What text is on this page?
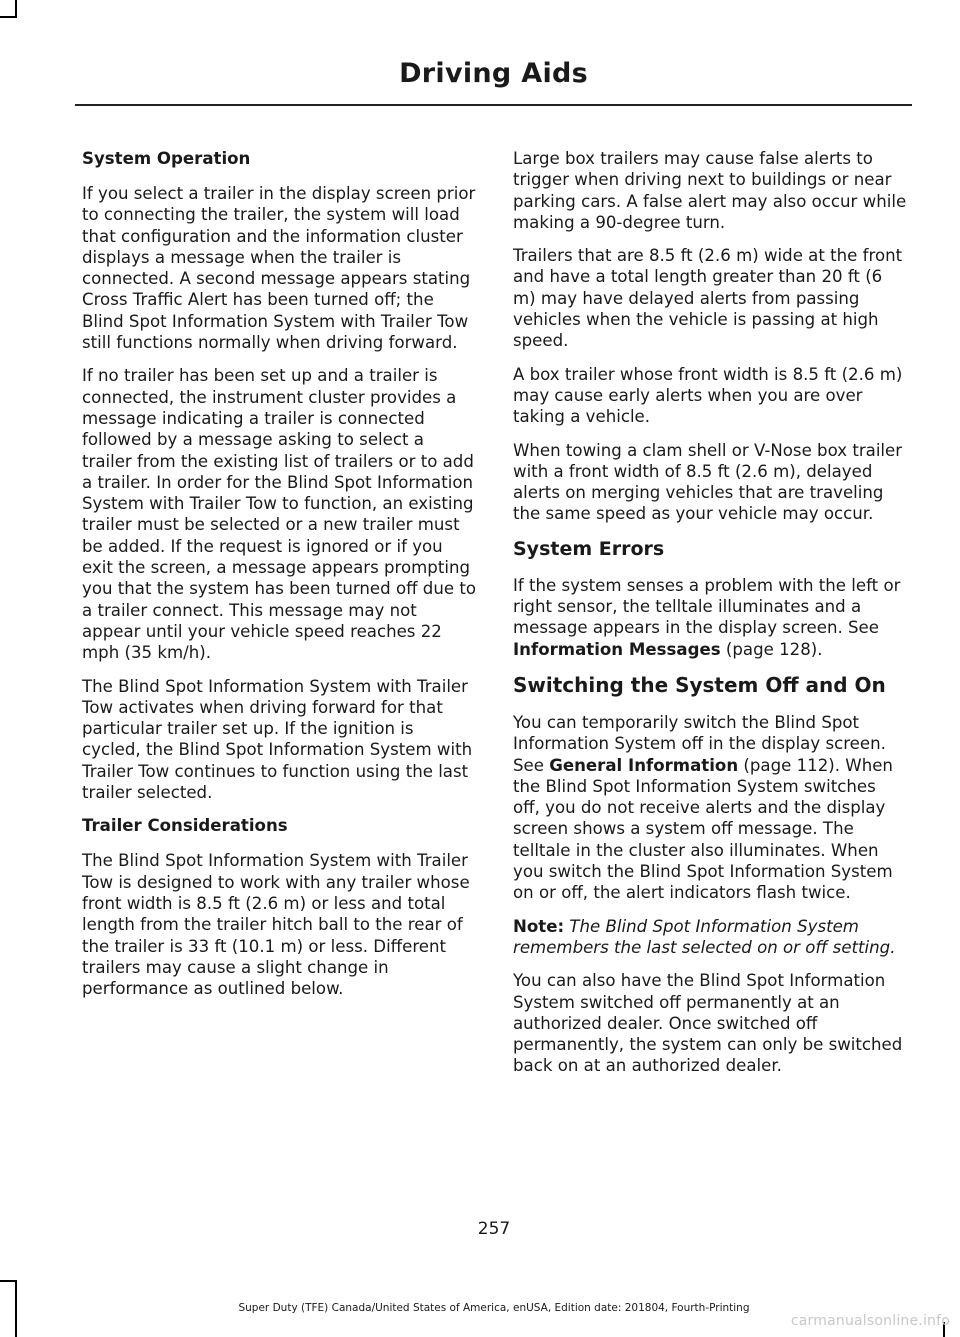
Driving Aids
System Operation

If you select a trailer in the display screen prior to connecting the trailer, the system will load that configuration and the information cluster displays a message when the trailer is connected. A second message appears stating Cross Traffic Alert has been turned off; the Blind Spot Information System with Trailer Tow still functions normally when driving forward.

If no trailer has been set up and a trailer is connected, the instrument cluster provides a message indicating a trailer is connected followed by a message asking to select a trailer from the existing list of trailers or to add a trailer. In order for the Blind Spot Information System with Trailer Tow to function, an existing trailer must be selected or a new trailer must be added. If the request is ignored or if you exit the screen, a message appears prompting you that the system has been turned off due to a trailer connect. This message may not appear until your vehicle speed reaches 22 mph (35 km/h).

The Blind Spot Information System with Trailer Tow activates when driving forward for that particular trailer set up. If the ignition is cycled, the Blind Spot Information System with Trailer Tow continues to function using the last trailer selected.

Trailer Considerations

The Blind Spot Information System with Trailer Tow is designed to work with any trailer whose front width is 8.5 ft (2.6 m) or less and total length from the trailer hitch ball to the rear of the trailer is 33 ft (10.1 m) or less. Different trailers may cause a slight change in performance as outlined below.

Large box trailers may cause false alerts to trigger when driving next to buildings or near parking cars. A false alert may also occur while making a 90-degree turn.

Trailers that are 8.5 ft (2.6 m) wide at the front and have a total length greater than 20 ft (6 m) may have delayed alerts from passing vehicles when the vehicle is passing at high speed.

A box trailer whose front width is 8.5 ft (2.6 m) may cause early alerts when you are over taking a vehicle.

When towing a clam shell or V-Nose box trailer with a front width of 8.5 ft (2.6 m), delayed alerts on merging vehicles that are traveling the same speed as your vehicle may occur.

System Errors

If the system senses a problem with the left or right sensor, the telltale illuminates and a message appears in the display screen. See Information Messages (page 128).

Switching the System Off and On

You can temporarily switch the Blind Spot Information System off in the display screen. See General Information (page 112). When the Blind Spot Information System switches off, you do not receive alerts and the display screen shows a system off message. The telltale in the cluster also illuminates. When you switch the Blind Spot Information System on or off, the alert indicators flash twice.

Note: The Blind Spot Information System remembers the last selected on or off setting.

You can also have the Blind Spot Information System switched off permanently at an authorized dealer. Once switched off permanently, the system can only be switched back on at an authorized dealer.

257
Super Duty (TFE) Canada/United States of America, enUSA, Edition date: 201804, Fourth-Printing
carmanualsonline.info
